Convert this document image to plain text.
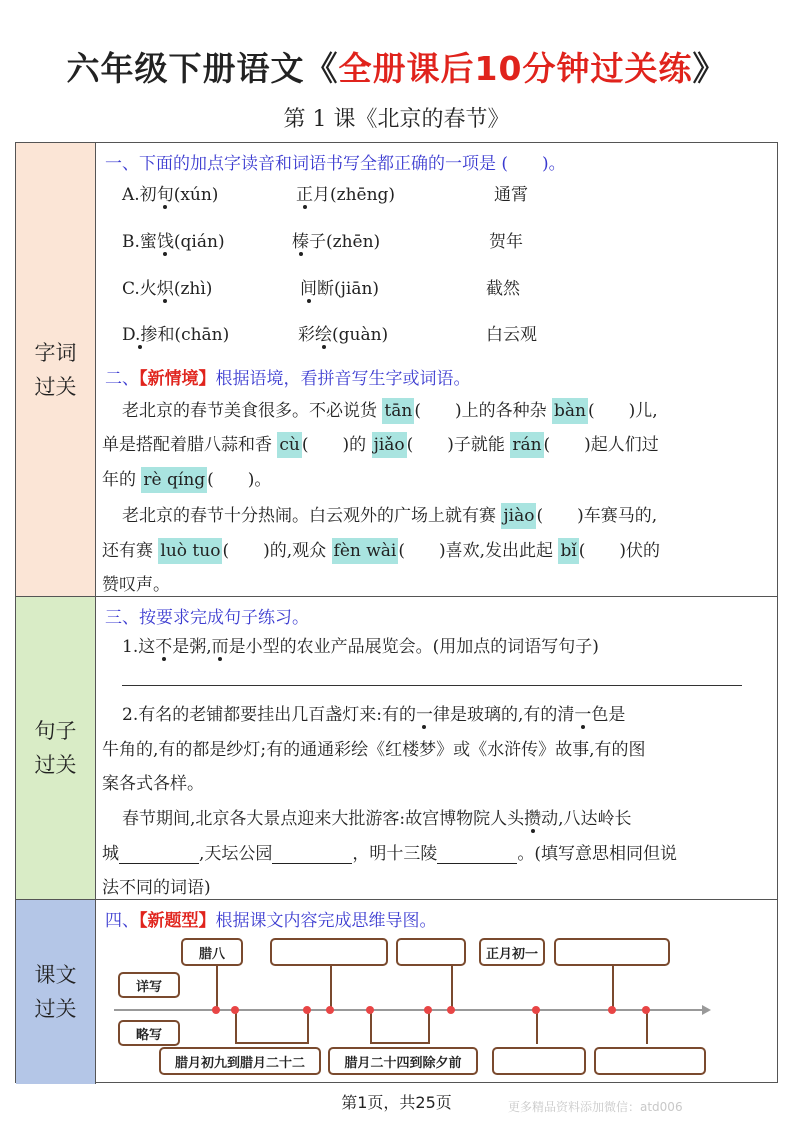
六年级下册语文《全册课后10分钟过关练》
第 1 课《北京的春节》
字词
过关
一、下面的加点字读音和词语书写全都正确的一项是 (　　)。
A.初旬(xún)	正月(zhēng)	通霄
B.蜜饯(qián)	榛子(zhēn)	贺年
C.火炽(zhì)	间断(jiān)	截然
D.掺和(chān)	彩绘(guàn)	白云观
二、【新情境】根据语境，看拼音写生字或词语。
老北京的春节美食很多。不必说货 tān (　　)上的各种杂 bàn (　　)儿,
单是搭配着腊八蒜和香 cù (　　)的 jiǎo (　　)子就能 rán (　　)起人们过
年的 rè qíng (　　)。
老北京的春节十分热闹。白云观外的广场上就有赛 jiào (　　)车赛马的,
还有赛 luò tuo (　　)的,观众 fèn wài (　　)喜欢,发出此起 bǐ (　　)伏的
赞叹声。
句子
过关
三、按要求完成句子练习。
1.这不是粥,而是小型的农业产品展览会。(用加点的词语写句子)
2.有名的老铺都要挂出几百盏灯来:有的一律是玻璃的,有的清一色是
牛角的,有的都是纱灯;有的通通彩绘《红楼梦》或《水浒传》故事,有的图
案各式各样。
春节期间,北京各大景点迎来大批游客:故宫博物院人头攒动,八达岭长
城	,天坛公园	，明十三陵	。(填写意思相同但说
法不同的词语)
课文
过关
四、【新题型】根据课文内容完成思维导图。
腊八	正月初一
详写
略写
腊月初九到腊月二十二	腊月二十四到除夕前
第1页，共25页	更多精品资料添加微信：atd006
